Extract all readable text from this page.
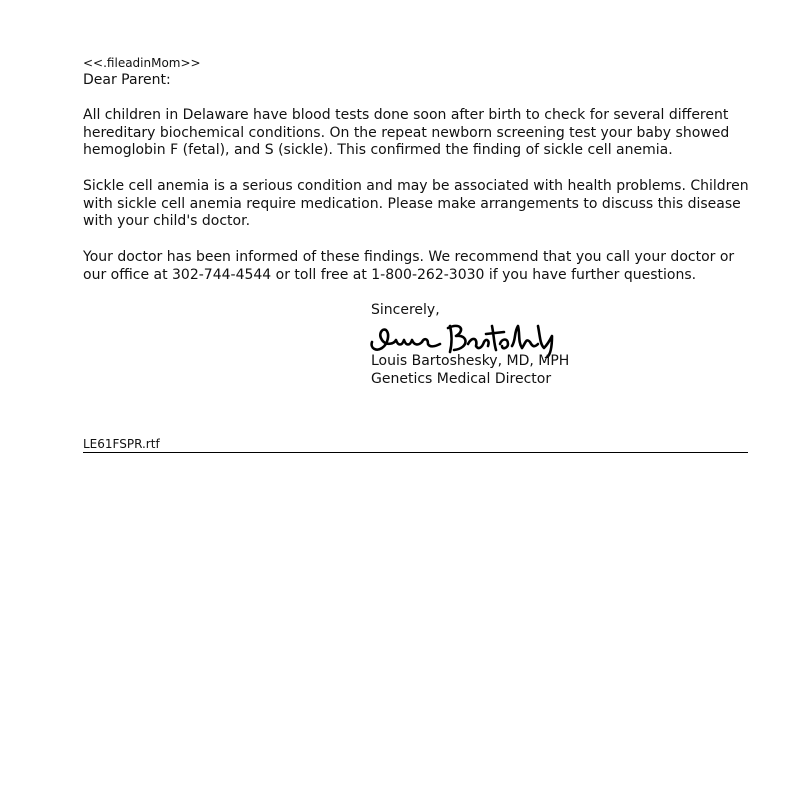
<<.fileadinMom>>
Dear Parent:

All children in Delaware have blood tests done soon after birth to check for several different
hereditary biochemical conditions. On the repeat newborn screening test your baby showed
hemoglobin F (fetal), and S (sickle). This confirmed the finding of sickle cell anemia.

Sickle cell anemia is a serious condition and may be associated with health problems. Children
with sickle cell anemia require medication. Please make arrangements to discuss this disease
with your child's doctor.

Your doctor has been informed of these findings. We recommend that you call your doctor or
our office at 302-744-4544 or toll free at 1-800-262-3030 if you have further questions.

Sincerely,
Louis Bartoshesky, MD, MPH
Genetics Medical Director
LE61FSPR.rtf
